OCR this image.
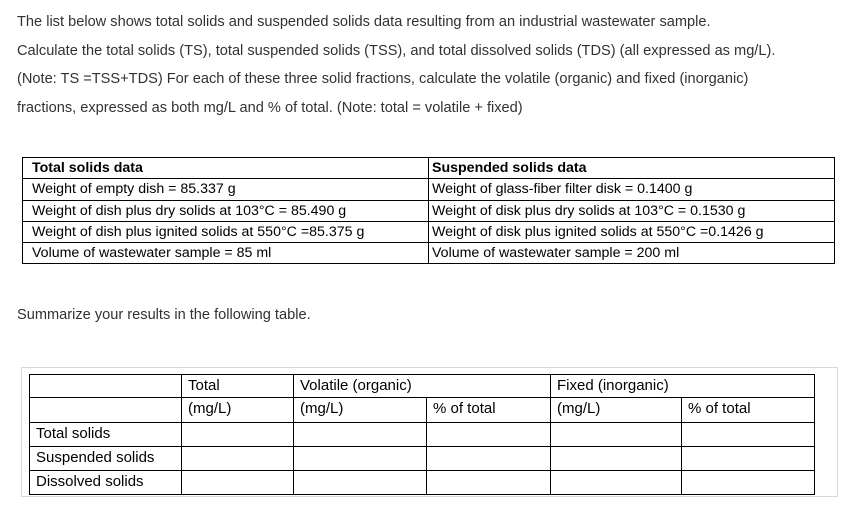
The list below shows total solids and suspended solids data resulting from an industrial wastewater sample.
Calculate the total solids (TS), total suspended solids (TSS), and total dissolved solids (TDS) (all expressed as mg/L).
(Note: TS =TSS+TDS) For each of these three solid fractions, calculate the volatile (organic) and fixed (inorganic)
fractions, expressed as both mg/L and % of total. (Note: total = volatile + fixed)
Total solids data	Suspended solids data
Weight of empty dish = 85.337 g	Weight of glass-fiber filter disk = 0.1400 g
Weight of dish plus dry solids at 103°C = 85.490 g	Weight of disk plus dry solids at 103°C = 0.1530 g
Weight of dish plus ignited solids at 550°C =85.375 g	Weight of disk plus ignited solids at 550°C =0.1426 g
Volume of wastewater sample = 85 ml	Volume of wastewater sample = 200 ml
Summarize your results in the following table.
	Total	Volatile (organic)		Fixed (inorganic)	
	(mg/L)	(mg/L)	% of total	(mg/L)	% of total
Total solids					
Suspended solids					
Dissolved solids					
